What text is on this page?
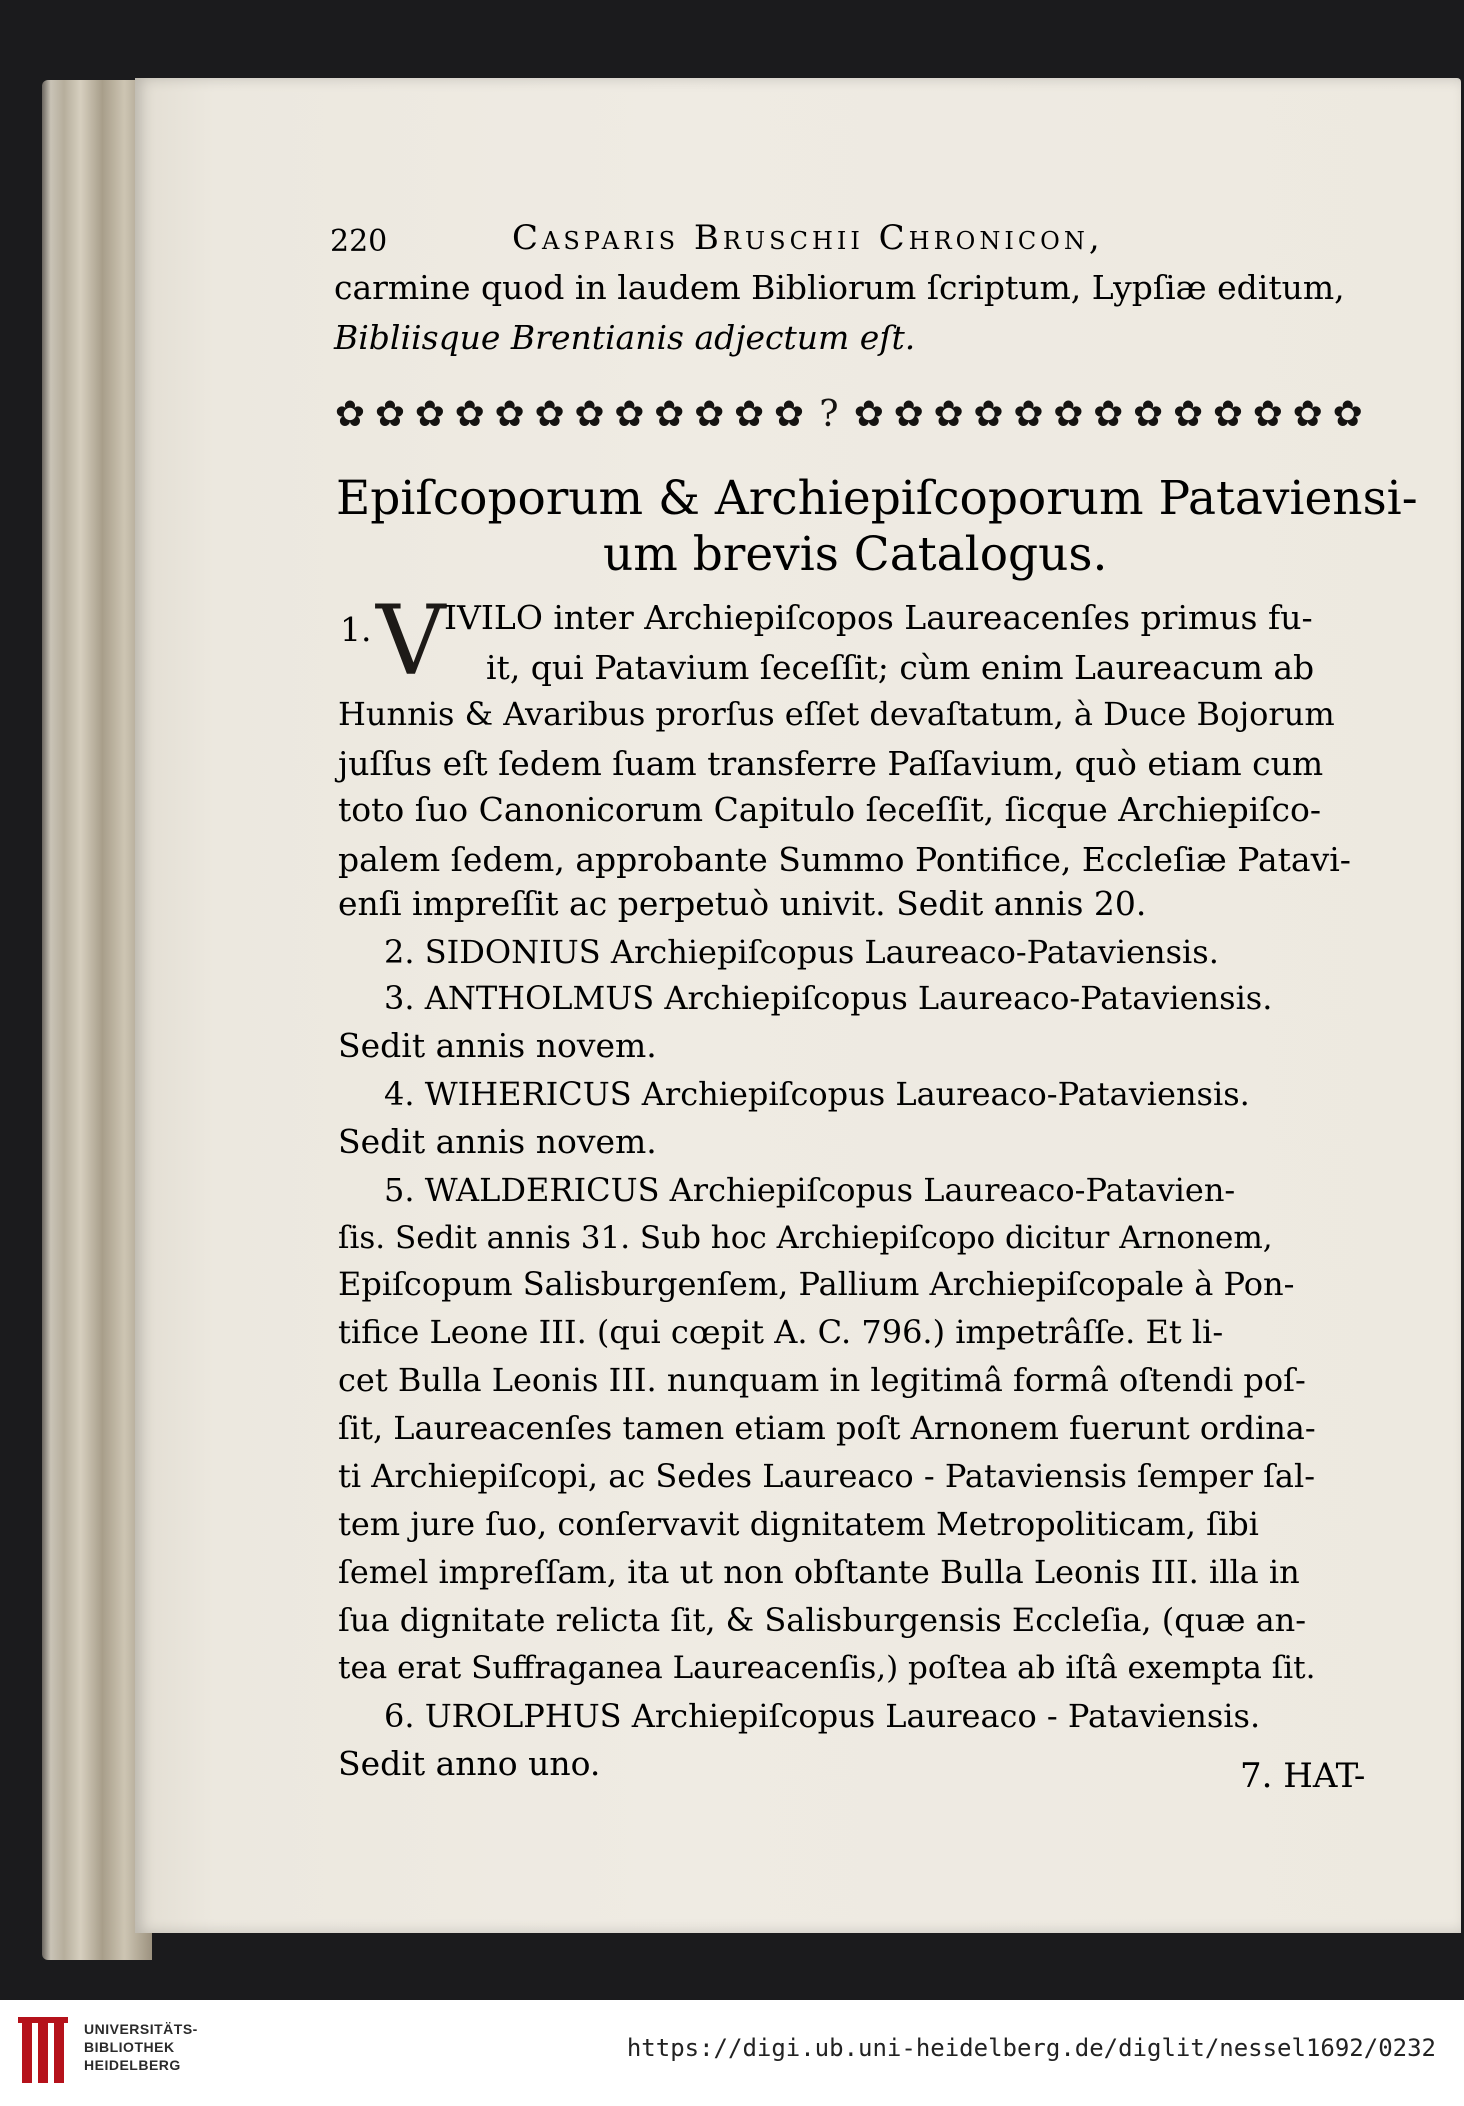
220	Casparis Bruschii Chronicon,
carmine quod in laudem Bibliorum ſcriptum, Lypſiæ editum,
Bibliisque Brentianis adjectum eſt.
✿ ✿ ✿ ✿ ✿ ✿ ✿ ✿ ✿ ✿ ✿ ✿ ? ✿ ✿ ✿ ✿ ✿ ✿ ✿ ✿ ✿ ✿ ✿ ✿ ✿
Epiſcoporum & Archiepiſcoporum Pataviensi-
um brevis Catalogus.
1. V
IVILO inter Archiepiſcopos Laureacenſes primus fu-
it, qui Patavium ſeceſſit; cùm enim Laureacum ab
Hunnis & Avaribus prorſus eſſet devaſtatum, à Duce Bojorum
juſſus eſt ſedem ſuam transferre Paſſavium, quò etiam cum
toto ſuo Canonicorum Capitulo ſeceſſit, ſicque Archiepiſco-
palem ſedem, approbante Summo Pontifice, Eccleſiæ Patavi-
enſi impreſſit ac perpetuò univit. Sedit annis 20.
2. SIDONIUS Archiepiſcopus Laureaco-Pataviensis.
3. ANTHOLMUS Archiepiſcopus Laureaco-Pataviensis.
Sedit annis novem.
4. WIHERICUS Archiepiſcopus Laureaco-Pataviensis.
Sedit annis novem.
5. WALDERICUS Archiepiſcopus Laureaco-Patavien-
ſis. Sedit annis 31. Sub hoc Archiepiſcopo dicitur Arnonem,
Epiſcopum Salisburgenſem, Pallium Archiepiſcopale à Pon-
tifice Leone III. (qui cœpit A. C. 796.) impetrâſſe. Et li-
cet Bulla Leonis III. nunquam in legitimâ formâ oſtendi poſ-
ſit, Laureacenſes tamen etiam poſt Arnonem fuerunt ordina-
ti Archiepiſcopi, ac Sedes Laureaco - Pataviensis ſemper ſal-
tem jure ſuo, conſervavit dignitatem Metropoliticam, ſibi
ſemel impreſſam, ita ut non obſtante Bulla Leonis III. illa in
ſua dignitate relicta ſit, & Salisburgensis Eccleſia, (quæ an-
tea erat Suffraganea Laureacenſis,) poſtea ab iſtâ exempta ſit.
6. UROLPHUS Archiepiſcopus Laureaco - Pataviensis.
Sedit anno uno.	7. HAT-
UNIVERSITÄTS-
BIBLIOTHEK
HEIDELBERG
https://digi.ub.uni-heidelberg.de/diglit/nessel1692/0232
